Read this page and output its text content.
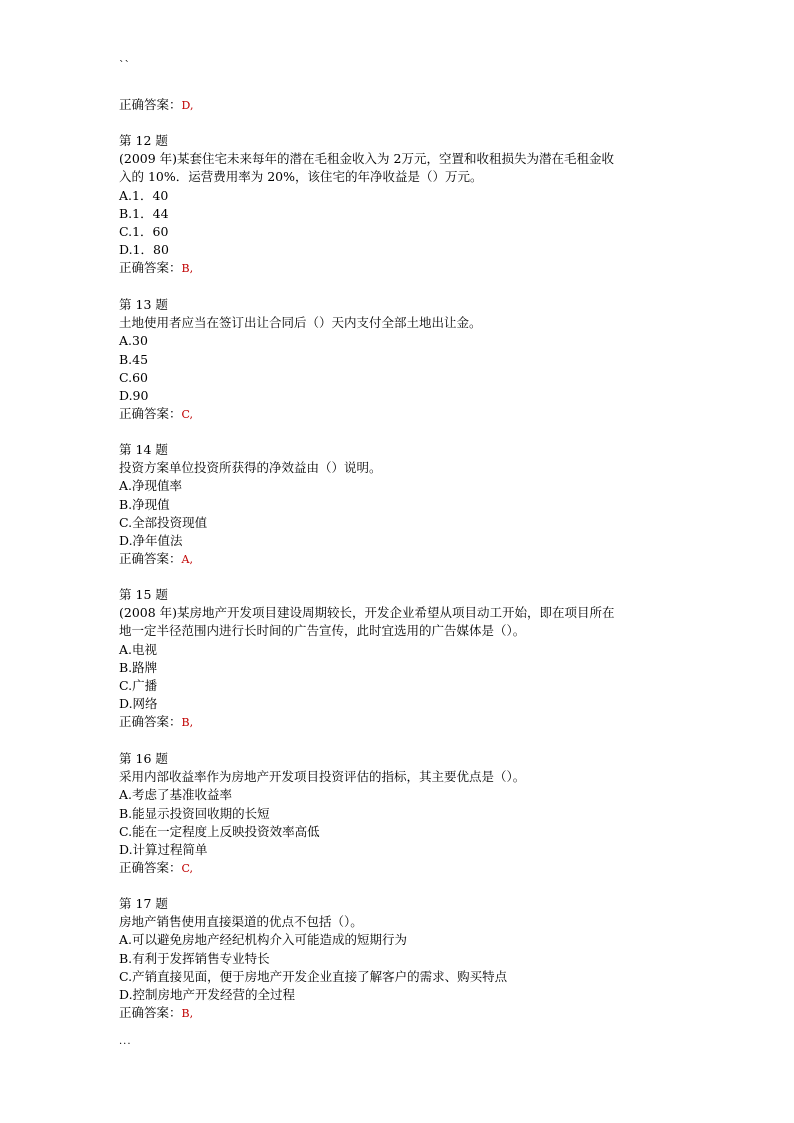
``
正确答案：D,
第 12 题
(2009 年)某套住宅未来每年的潜在毛租金收入为 2万元，空置和收租损失为潜在毛租金收
入的 10%．运营费用率为 20%，该住宅的年净收益是（）万元。
A.1．40
B.1．44
C.1．60
D.1．80
正确答案：B,
第 13 题
土地使用者应当在签订出让合同后（）天内支付全部土地出让金。
A.30
B.45
C.60
D.90
正确答案：C,
第 14 题
投资方案单位投资所获得的净效益由（）说明。
A.净现值率
B.净现值
C.全部投资现值
D.净年值法
正确答案：A,
第 15 题
(2008 年)某房地产开发项目建设周期较长，开发企业希望从项目动工开始，即在项目所在
地一定半径范围内进行长时间的广告宣传，此时宜选用的广告媒体是（）。
A.电视
B.路牌
C.广播
D.网络
正确答案：B,
第 16 题
采用内部收益率作为房地产开发项目投资评估的指标，其主要优点是（）。
A.考虑了基准收益率
B.能显示投资回收期的长短
C.能在一定程度上反映投资效率高低
D.计算过程简单
正确答案：C,
第 17 题
房地产销售使用直接渠道的优点不包括（）。
A.可以避免房地产经纪机构介入可能造成的短期行为
B.有利于发挥销售专业特长
C.产销直接见面，便于房地产开发企业直接了解客户的需求、购买特点
D.控制房地产开发经营的全过程
正确答案：B,
...
